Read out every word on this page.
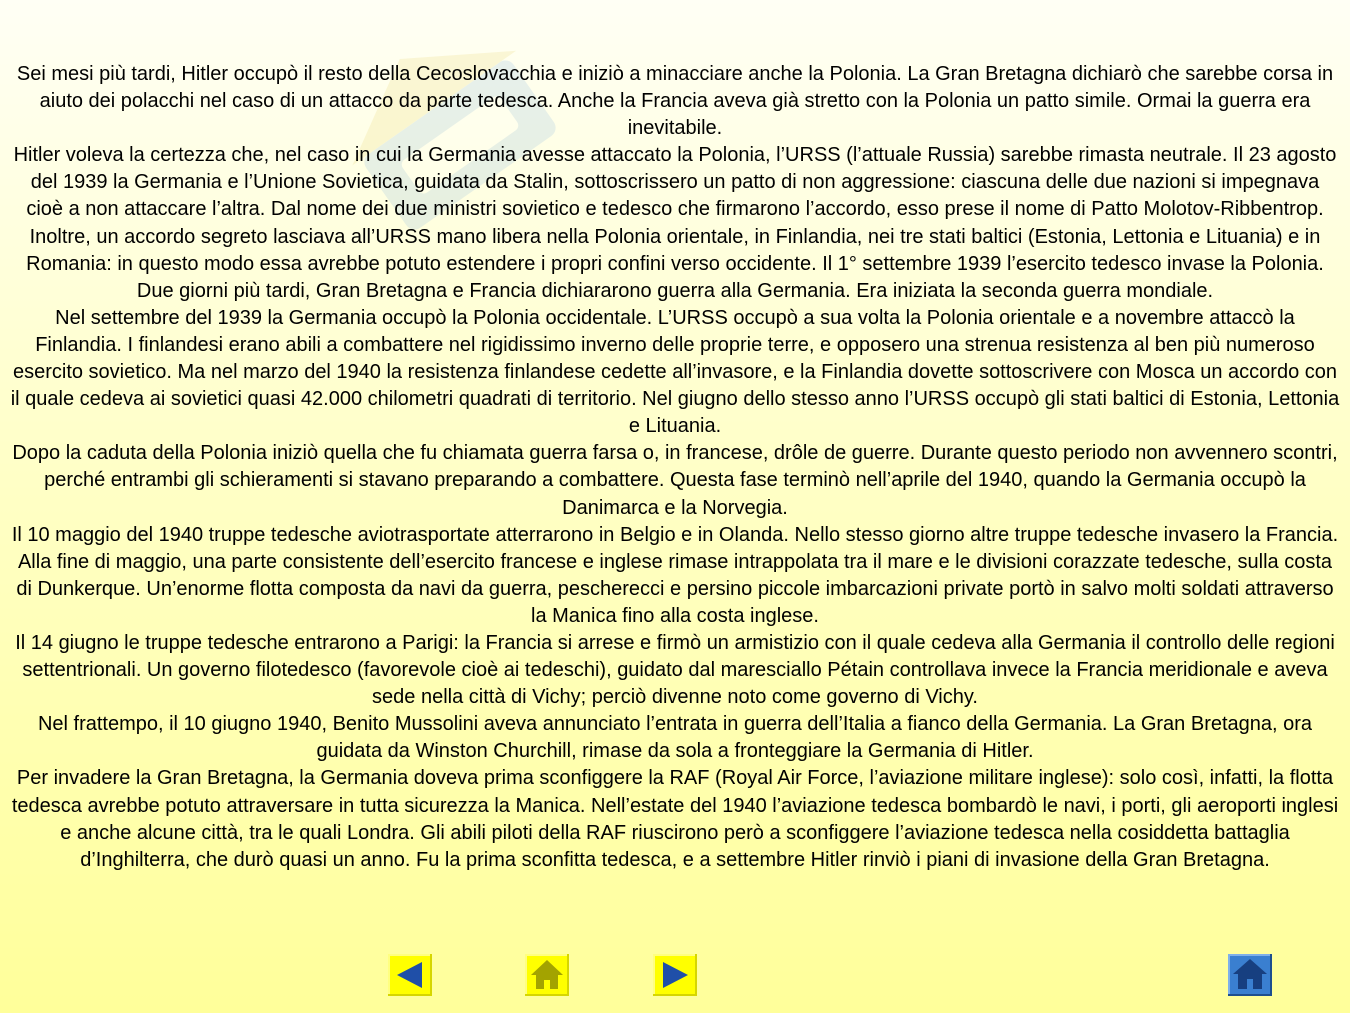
Sei mesi più tardi, Hitler occupò il resto della Cecoslovacchia e iniziò a minacciare anche la Polonia. La Gran Bretagna dichiarò che sarebbe corsa in aiuto dei polacchi nel caso di un attacco da parte tedesca. Anche la Francia aveva già stretto con la Polonia un patto simile. Ormai la guerra era inevitabile.

Hitler voleva la certezza che, nel caso in cui la Germania avesse attaccato la Polonia, l’URSS (l’attuale Russia) sarebbe rimasta neutrale. Il 23 agosto del 1939 la Germania e l’Unione Sovietica, guidata da Stalin, sottoscrissero un patto di non aggressione: ciascuna delle due nazioni si impegnava cioè a non attaccare l’altra. Dal nome dei due ministri sovietico e tedesco che firmarono l’accordo, esso prese il nome di Patto Molotov-Ribbentrop.

Inoltre, un accordo segreto lasciava all’URSS mano libera nella Polonia orientale, in Finlandia, nei tre stati baltici (Estonia, Lettonia e Lituania) e in Romania: in questo modo essa avrebbe potuto estendere i propri confini verso occidente. Il 1° settembre 1939 l’esercito tedesco invase la Polonia. Due giorni più tardi, Gran Bretagna e Francia dichiararono guerra alla Germania. Era iniziata la seconda guerra mondiale.

Nel settembre del 1939 la Germania occupò la Polonia occidentale. L’URSS occupò a sua volta la Polonia orientale e a novembre attaccò la Finlandia. I finlandesi erano abili a combattere nel rigidissimo inverno delle proprie terre, e opposero una strenua resistenza al ben più numeroso esercito sovietico. Ma nel marzo del 1940 la resistenza finlandese cedette all’invasore, e la Finlandia dovette sottoscrivere con Mosca un accordo con il quale cedeva ai sovietici quasi 42.000 chilometri quadrati di territorio. Nel giugno dello stesso anno l’URSS occupò gli stati baltici di Estonia, Lettonia e Lituania.

Dopo la caduta della Polonia iniziò quella che fu chiamata guerra farsa o, in francese, drôle de guerre. Durante questo periodo non avvennero scontri, perché entrambi gli schieramenti si stavano preparando a combattere. Questa fase terminò nell’aprile del 1940, quando la Germania occupò la Danimarca e la Norvegia.

Il 10 maggio del 1940 truppe tedesche aviotrasportate atterrarono in Belgio e in Olanda. Nello stesso giorno altre truppe tedesche invasero la Francia. Alla fine di maggio, una parte consistente dell’esercito francese e inglese rimase intrappolata tra il mare e le divisioni corazzate tedesche, sulla costa di Dunkerque. Un’enorme flotta composta da navi da guerra, pescherecci e persino piccole imbarcazioni private portò in salvo molti soldati attraverso la Manica fino alla costa inglese.

Il 14 giugno le truppe tedesche entrarono a Parigi: la Francia si arrese e firmò un armistizio con il quale cedeva alla Germania il controllo delle regioni settentrionali. Un governo filotedesco (favorevole cioè ai tedeschi), guidato dal maresciallo Pétain controllava invece la Francia meridionale e aveva sede nella città di Vichy; perciò divenne noto come governo di Vichy.

Nel frattempo, il 10 giugno 1940, Benito Mussolini aveva annunciato l’entrata in guerra dell’Italia a fianco della Germania. La Gran Bretagna, ora guidata da Winston Churchill, rimase da sola a fronteggiare la Germania di Hitler.

Per invadere la Gran Bretagna, la Germania doveva prima sconfiggere la RAF (Royal Air Force, l’aviazione militare inglese): solo così, infatti, la flotta tedesca avrebbe potuto attraversare in tutta sicurezza la Manica. Nell’estate del 1940 l’aviazione tedesca bombardò le navi, i porti, gli aeroporti inglesi e anche alcune città, tra le quali Londra. Gli abili piloti della RAF riuscirono però a sconfiggere l’aviazione tedesca nella cosiddetta battaglia d’Inghilterra, che durò quasi un anno. Fu la prima sconfitta tedesca, e a settembre Hitler rinviò i piani di invasione della Gran Bretagna.
